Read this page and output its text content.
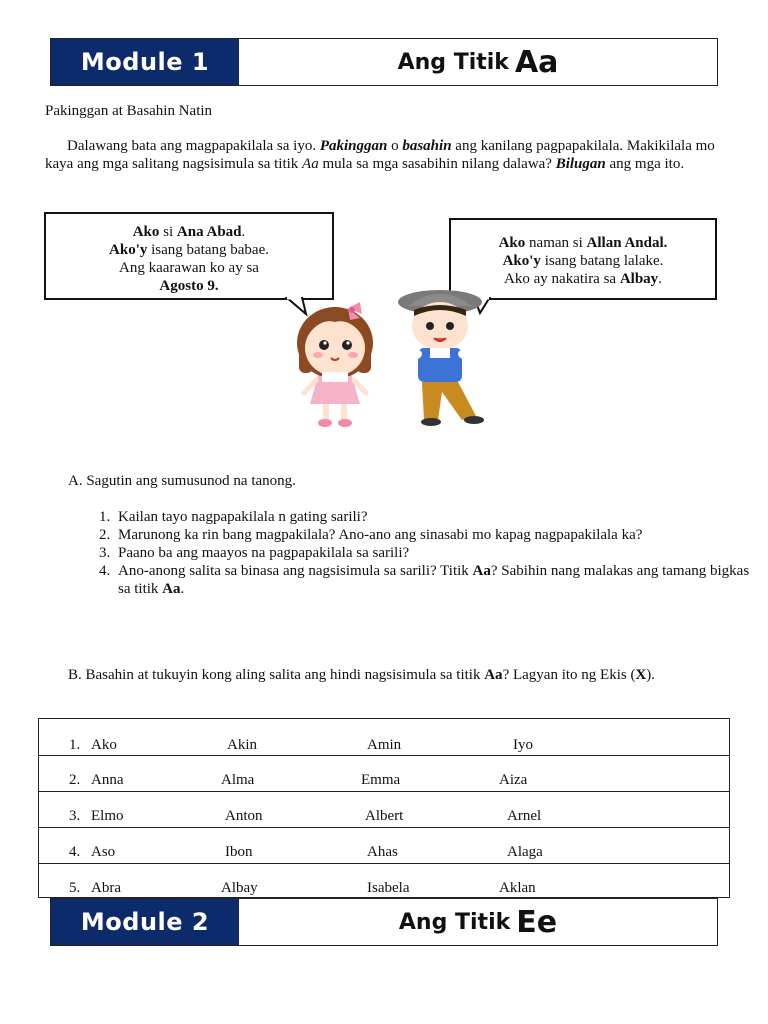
Module 1	Ang Titik Aa
Pakinggan at Basahin Natin
Dalawang bata ang magpapakilala sa iyo. Pakinggan o basahin ang kanilang pagpapakilala. Makikilala mo kaya ang mga salitang nagsisimula sa titik Aa mula sa mga sasabihin nilang dalawa? Bilugan ang mga ito.
Ako si Ana Abad.
Ako'y isang batang babae.
Ang kaarawan ko ay sa
Agosto 9.
Ako naman si Allan Andal.
Ako'y isang batang lalake.
Ako ay nakatira sa Albay.
A. Sagutin ang sumusunod na tanong.
1. Kailan tayo nagpapakilala n gating sarili?
2. Marunong ka rin bang magpakilala? Ano-ano ang sinasabi mo kapag nagpapakilala ka?
3. Paano ba ang maayos na pagpapakilala sa sarili?
4. Ano-anong salita sa binasa ang nagsisimula sa sarili? Titik Aa? Sabihin nang malakas ang tamang bigkas sa titik Aa.
B. Basahin at tukuyin kong aling salita ang hindi nagsisimula sa titik Aa? Lagyan ito ng Ekis (X).
1. Ako	Akin	Amin	Iyo
2. Anna	Alma	Emma	Aiza
3. Elmo	Anton	Albert	Arnel
4. Aso	Ibon	Ahas	Alaga
5. Abra	Albay	Isabela	Aklan
Module 2	Ang Titik Ee
